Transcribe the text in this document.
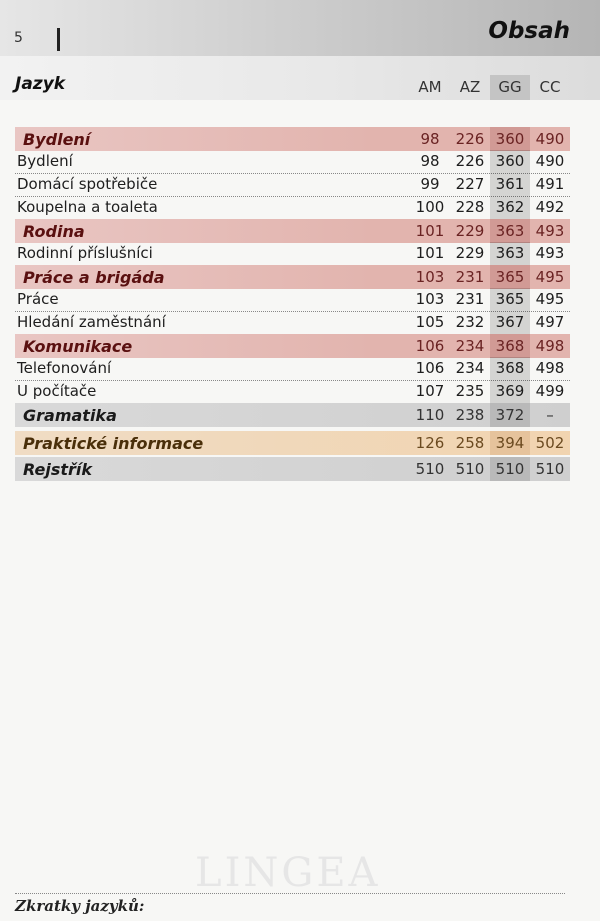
5	Obsah
Jazyk	AM	AZ	GG	CC
Bydlení	98	226 360 490
Bydlení	98	226 360 490
Domácí spotřebiče	99	227 361 491
Koupelna a toaleta	100 228 362 492
Rodina	101 229 363 493
Rodinní příslušníci	101 229 363 493
Práce a brigáda	103 231 365 495
Práce	103 231 365 495
Hledání zaměstnání	105 232 367 497
Komunikace	106 234 368 498
Telefonování	106 234 368 498
U počítače	107 235 369 499
Gramatika	110 238 372	–
Praktické informace	126 258 394 502
Rejstřík	510 510 510 510
LINGEA
Zkratky jazyků:
